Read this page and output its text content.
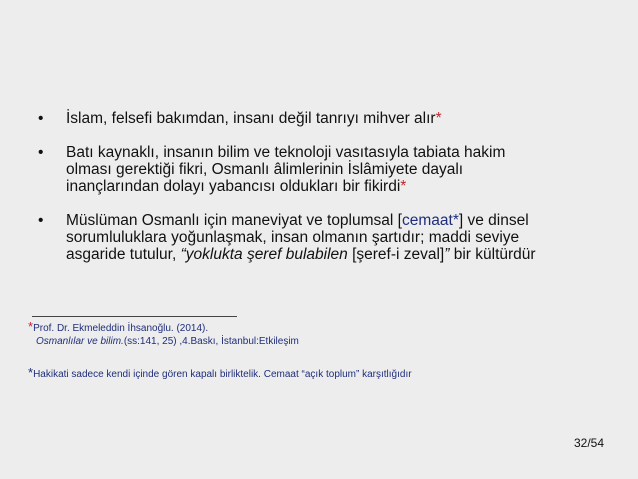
•	İslam, felsefi bakımdan, insanı değil tanrıyı mihver alır*
•	Batı kaynaklı, insanın bilim ve teknoloji vasıtasıyla tabiata hakim
olması gerektiği fikri, Osmanlı âlimlerinin İslâmiyete dayalı
inançlarından dolayı yabancısı oldukları bir fikirdi*
•	Müslüman Osmanlı için maneviyat ve toplumsal [cemaat*] ve dinsel
sorumluluklara yoğunlaşmak, insan olmanın şartıdır; maddi seviye
asgaride tutulur, “yoklukta şeref bulabilen [şeref-i zeval]” bir kültürdür
*Prof. Dr. Ekmeleddin İhsanoğlu. (2014).
Osmanlılar ve bilim.(ss:141, 25) ,4.Baskı, İstanbul:Etkileşim
*Hakikati sadece kendi içinde gören kapalı birliktelik. Cemaat “açık toplum” karşıtlığıdır
32/54
